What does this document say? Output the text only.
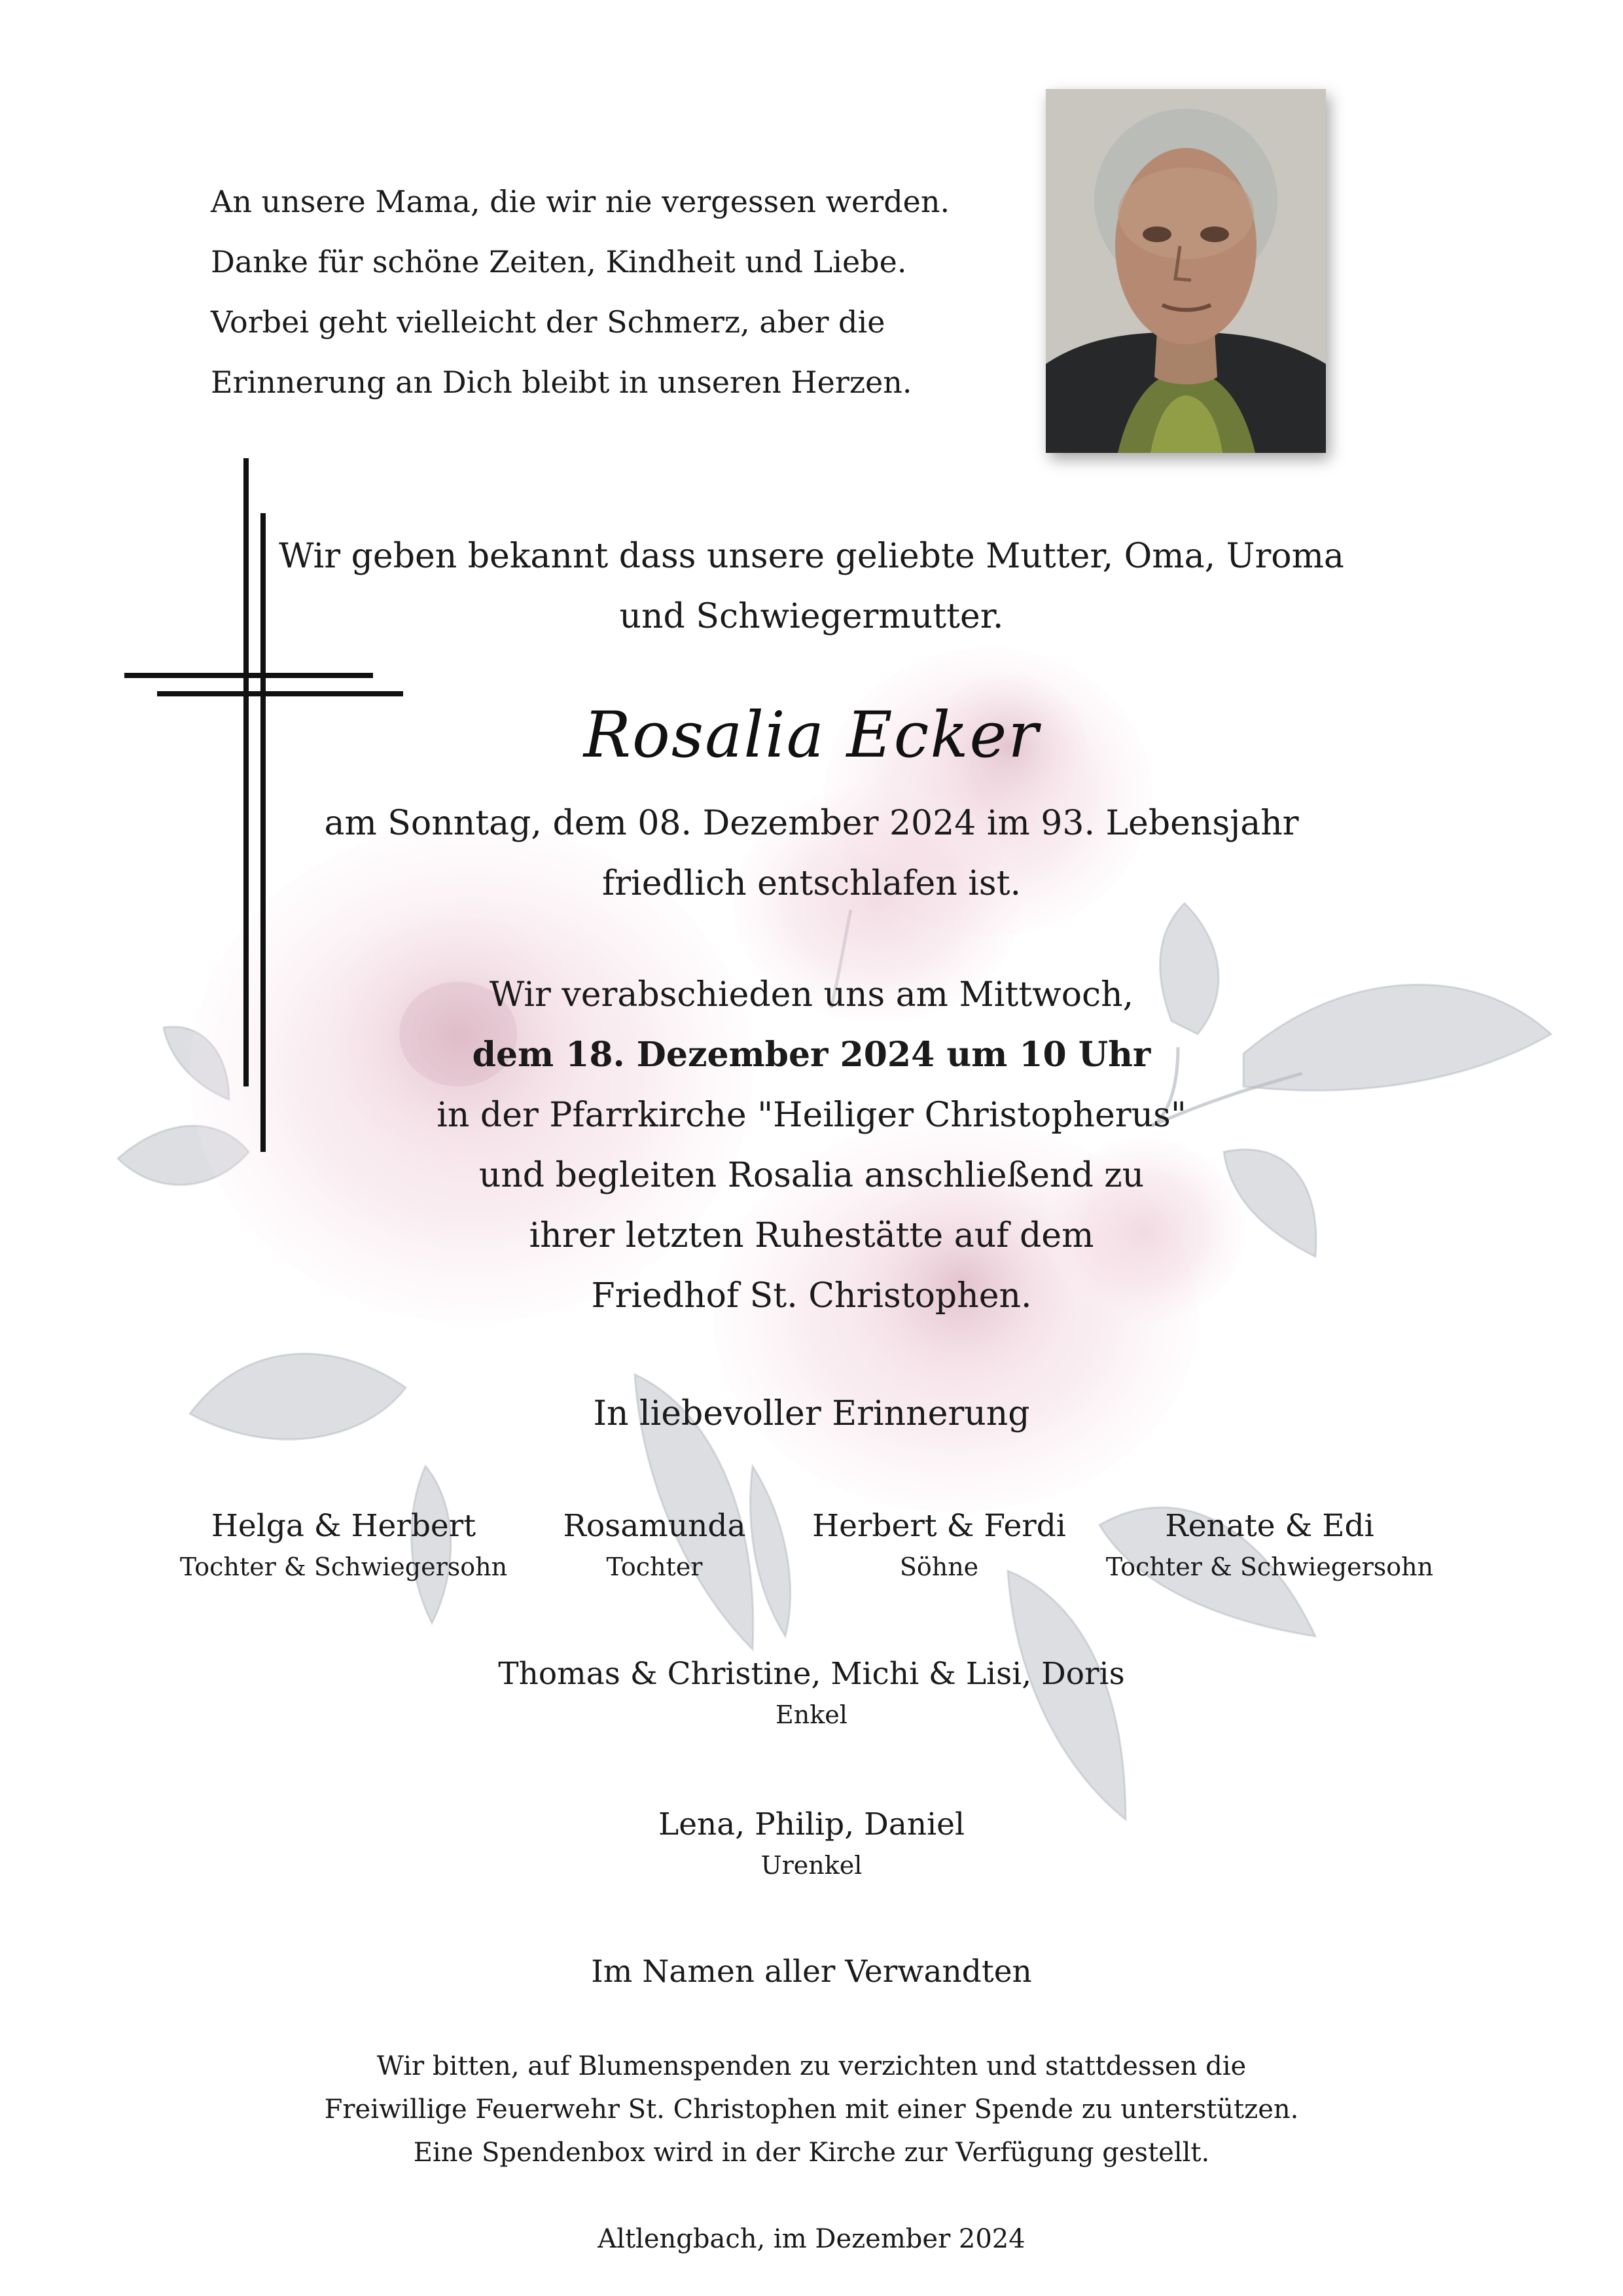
An unsere Mama, die wir nie vergessen werden.
Danke für schöne Zeiten, Kindheit und Liebe.
Vorbei geht vielleicht der Schmerz, aber die
Erinnerung an Dich bleibt in unseren Herzen.
Wir geben bekannt dass unsere geliebte Mutter, Oma, Uroma
und Schwiegermutter.
Rosalia Ecker
am Sonntag, dem 08. Dezember 2024 im 93. Lebensjahr
friedlich entschlafen ist.
Wir verabschieden uns am Mittwoch,
dem 18. Dezember 2024 um 10 Uhr
in der Pfarrkirche "Heiliger Christopherus"
und begleiten Rosalia anschließend zu
ihrer letzten Ruhestätte auf dem
Friedhof St. Christophen.
In liebevoller Erinnerung
Helga & Herbert
Tochter & Schwiegersohn
Rosamunda
Tochter
Herbert & Ferdi
Söhne
Renate & Edi
Tochter & Schwiegersohn
Thomas & Christine, Michi & Lisi, Doris
Enkel
Lena, Philip, Daniel
Urenkel
Im Namen aller Verwandten
Wir bitten, auf Blumenspenden zu verzichten und stattdessen die
Freiwillige Feuerwehr St. Christophen mit einer Spende zu unterstützen.
Eine Spendenbox wird in der Kirche zur Verfügung gestellt.
Altlengbach, im Dezember 2024
